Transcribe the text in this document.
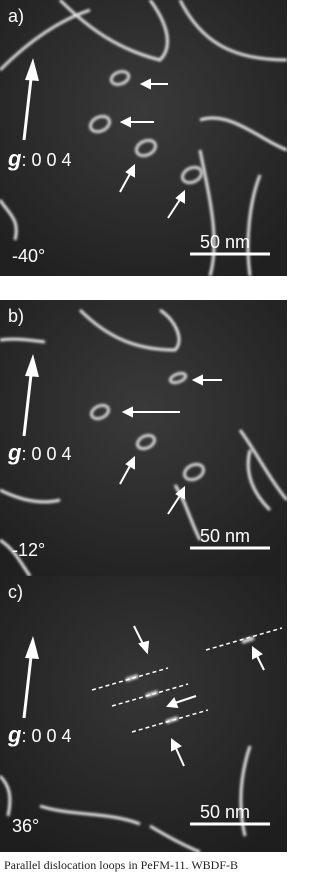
a)
g: 0 0 4
-40°
50 nm
b)
g: 0 0 4
-12°
50 nm
c)
g: 0 0 4
36°
50 nm
Parallel dislocation loops in PeFM-11. WBDF-B
